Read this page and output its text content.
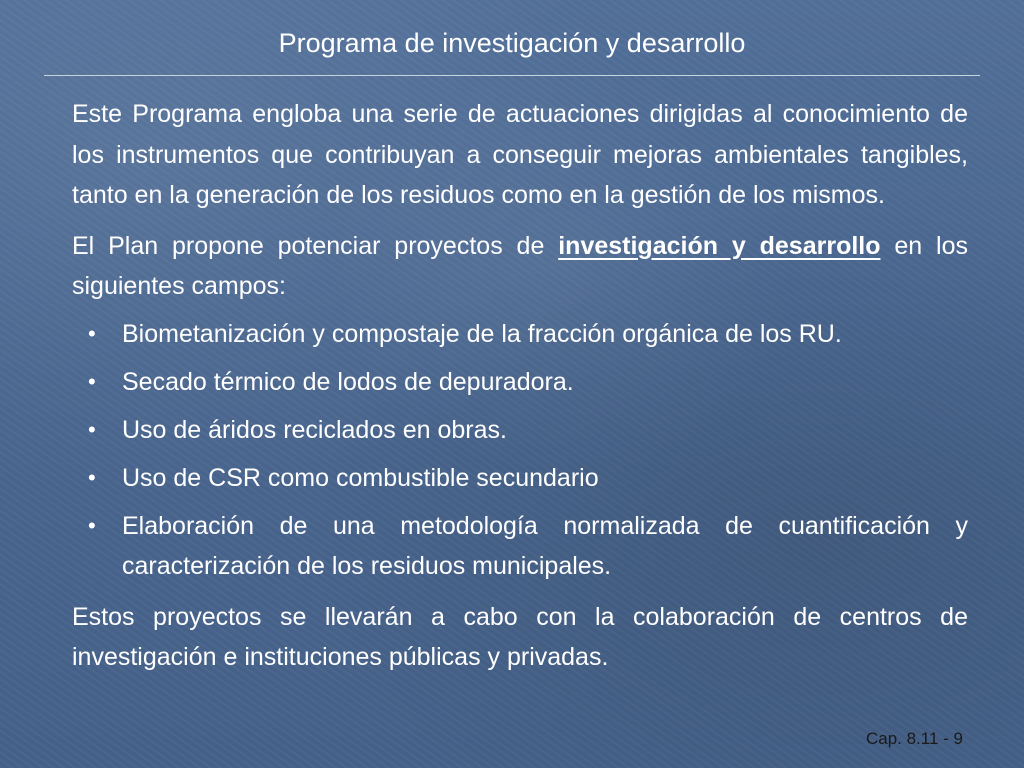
Programa de investigación y desarrollo

Este Programa engloba una serie de actuaciones dirigidas al conocimiento de los instrumentos que contribuyan a conseguir mejoras ambientales tangibles, tanto en la generación de los residuos como en la gestión de los mismos.

El Plan propone potenciar proyectos de investigación y desarrollo en los siguientes campos:

• Biometanización y compostaje de la fracción orgánica de los RU.
• Secado térmico de lodos de depuradora.
• Uso de áridos reciclados en obras.
• Uso de CSR como combustible secundario
• Elaboración de una metodología normalizada de cuantificación y caracterización de los residuos municipales.

Estos proyectos se llevarán a cabo con la colaboración de centros de investigación e instituciones públicas y privadas.

Cap. 8.11 - 9
